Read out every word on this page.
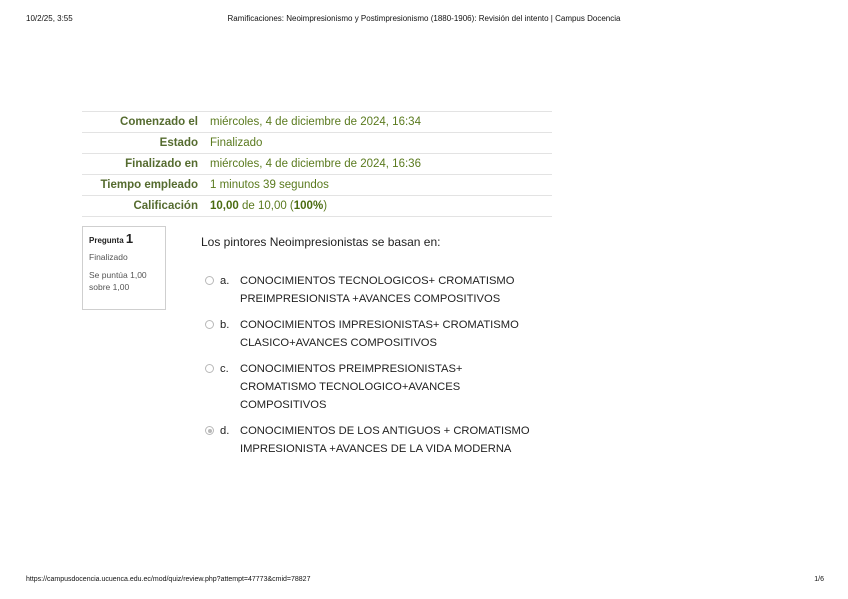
10/2/25, 3:55	Ramificaciones: Neoimpresionismo y Postimpresionismo (1880-1906): Revisión del intento | Campus Docencia
Comenzado el	miércoles, 4 de diciembre de 2024, 16:34
Estado	Finalizado
Finalizado en	miércoles, 4 de diciembre de 2024, 16:36
Tiempo empleado	1 minutos 39 segundos
Calificación	10,00 de 10,00 (100%)
Pregunta 1
Finalizado
Se puntúa 1,00 sobre 1,00
Los pintores Neoimpresionistas se basan en:
a. CONOCIMIENTOS TECNOLOGICOS+ CROMATISMO PREIMPRESIONISTA +AVANCES COMPOSITIVOS
b. CONOCIMIENTOS IMPRESIONISTAS+ CROMATISMO CLASICO+AVANCES COMPOSITIVOS
c.	CONOCIMIENTOS PREIMPRESIONISTAS+ CROMATISMO TECNOLOGICO+AVANCES COMPOSITIVOS
d. CONOCIMIENTOS DE LOS ANTIGUOS + CROMATISMO IMPRESIONISTA +AVANCES DE LA VIDA MODERNA
https://campusdocencia.ucuenca.edu.ec/mod/quiz/review.php?attempt=47773&cmid=78827	1/6
